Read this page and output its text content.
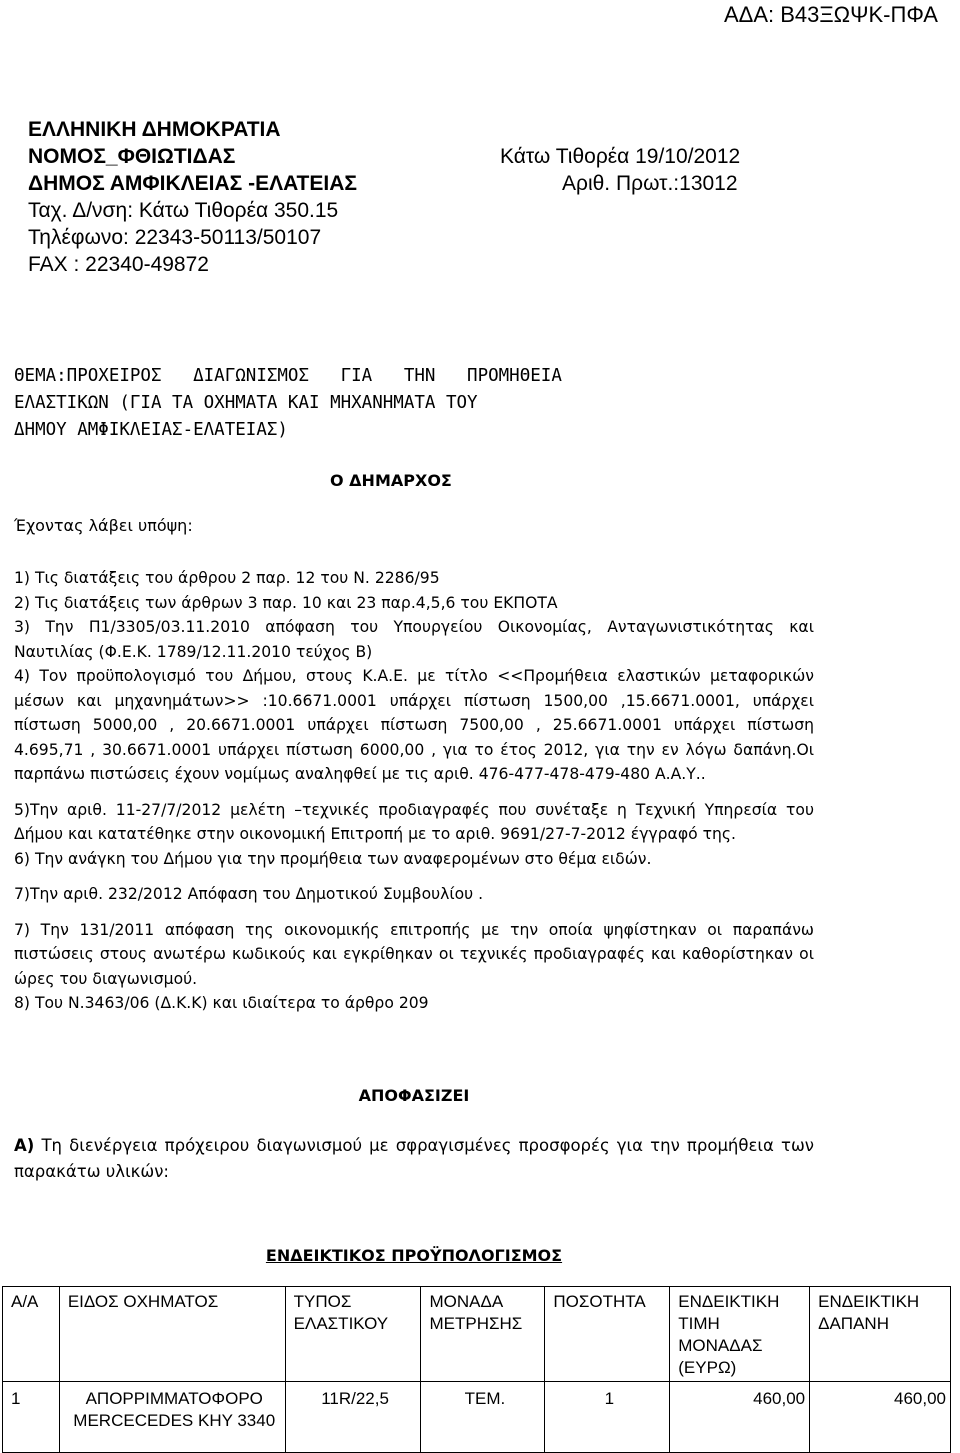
ΑΔΑ: Β43ΞΩΨΚ-ΠΦΑ
ΕΛΛΗΝΙΚΗ ΔΗΜΟΚΡΑΤΙΑ
ΝΟΜΟΣ_ΦΘΙΩΤΙΔΑΣ
ΔΗΜΟΣ ΑΜΦΙΚΛΕΙΑΣ -ΕΛΑΤΕΙΑΣ
Ταχ. Δ/νση: Κάτω Τιθορέα 350.15
Τηλέφωνο: 22343-50113/50107
FAX : 22340-49872
Κάτω Τιθορέα 19/10/2012
Αριθ. Πρωτ.:13012
ΘΕΜΑ:ΠΡΟΧΕΙΡΟΣ   ΔΙΑΓΩΝΙΣΜΟΣ   ΓΙΑ   ΤΗΝ   ΠΡΟΜΗΘΕΙΑ
ΕΛΑΣΤΙΚΩΝ (ΓΙΑ ΤΑ ΟΧΗΜΑΤΑ ΚΑΙ ΜΗΧΑΝΗΜΑΤΑ ΤΟΥ
ΔΗΜΟΥ ΑΜΦΙΚΛΕΙΑΣ-ΕΛΑΤΕΙΑΣ)
Ο ΔΗΜΑΡΧΟΣ
Έχοντας λάβει υπόψη:

1) Τις διατάξεις του άρθρου 2 παρ. 12 του Ν. 2286/95

2) Τις διατάξεις των άρθρων 3 παρ. 10 και 23 παρ.4,5,6 του ΕΚΠΟΤΑ

3) Την Π1/3305/03.11.2010 απόφαση του Υπουργείου Οικονομίας, Ανταγωνιστικότητας και Ναυτιλίας (Φ.Ε.Κ. 1789/12.11.2010 τεύχος Β)

4) Τον προϋπολογισμό του Δήμου, στους Κ.Α.Ε. με τίτλο <<Προμήθεια ελαστικών μεταφορικών μέσων και μηχανημάτων>> :10.6671.0001 υπάρχει πίστωση 1500,00 ,15.6671.0001, υπάρχει πίστωση 5000,00 , 20.6671.0001 υπάρχει πίστωση 7500,00 , 25.6671.0001 υπάρχει πίστωση 4.695,71 , 30.6671.0001 υπάρχει πίστωση 6000,00 , για το έτος 2012, για την εν λόγω δαπάνη.Οι παρπάνω πιστώσεις έχουν νομίμως αναληφθεί με τις αριθ. 476-477-478-479-480 Α.Α.Υ..

5)Την αριθ. 11-27/7/2012 μελέτη –τεχνικές προδιαγραφές που συνέταξε η Τεχνική Υπηρεσία του Δήμου και κατατέθηκε στην οικονομική Επιτροπή με το αριθ. 9691/27-7-2012 έγγραφό της.

6) Την ανάγκη του Δήμου για την προμήθεια των αναφερομένων στο θέμα ειδών.

7)Την αριθ. 232/2012 Απόφαση του Δημοτικού Συμβουλίου .

7) Την 131/2011 απόφαση της οικονομικής επιτροπής με την οποία ψηφίστηκαν οι παραπάνω πιστώσεις στους ανωτέρω κωδικούς και εγκρίθηκαν οι τεχνικές προδιαγραφές και καθορίστηκαν οι ώρες του διαγωνισμού.

8) Του Ν.3463/06 (Δ.Κ.Κ) και ιδιαίτερα το άρθρο 209

ΑΠΟΦΑΣΙΖΕΙ
Α) Τη διενέργεια πρόχειρου διαγωνισμού με σφραγισμένες προσφορές για την προμήθεια των παρακάτω υλικών:
ΕΝΔΕΙΚΤΙΚΟΣ ΠΡΟΫΠΟΛΟΓΙΣΜΟΣ
Α/Α	ΕΙΔΟΣ ΟΧΗΜΑΤΟΣ	ΤΥΠΟΣ ΕΛΑΣΤΙΚΟΥ	ΜΟΝΑΔΑ ΜΕΤΡΗΣΗΣ	ΠΟΣΟΤΗΤΑ	ΕΝΔΕΙΚΤΙΚΗ ΤΙΜΗ ΜΟΝΑΔΑΣ (ΕΥΡΩ)	ΕΝΔΕΙΚΤΙΚΗ ΔΑΠΑΝΗ
1	ΑΠΟΡΡΙΜΜΑΤΟΦΟΡΟ MERCECEDES ΚΗΥ 3340	11R/22,5	ΤΕΜ.	1	460,00	460,00
